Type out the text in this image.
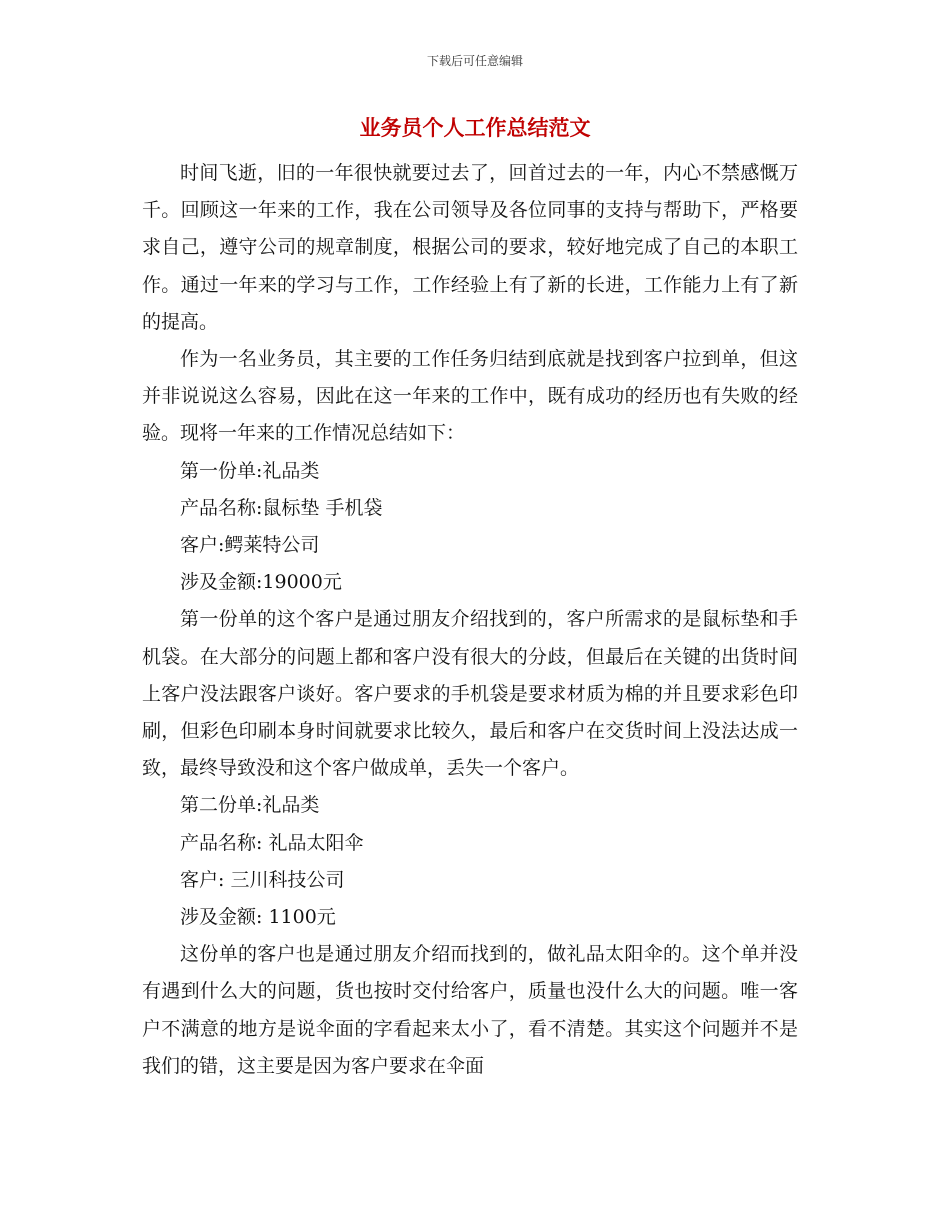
下载后可任意编辑
业务员个人工作总结范文

时间飞逝，旧的一年很快就要过去了，回首过去的一年，内心不禁感慨万千。回顾这一年来的工作，我在公司领导及各位同事的支持与帮助下，严格要求自己，遵守公司的规章制度，根据公司的要求，较好地完成了自己的本职工作。通过一年来的学习与工作，工作经验上有了新的长进，工作能力上有了新的提高。

作为一名业务员，其主要的工作任务归结到底就是找到客户拉到单，但这并非说说这么容易，因此在这一年来的工作中，既有成功的经历也有失败的经验。现将一年来的工作情况总结如下：

第一份单:礼品类

产品名称:鼠标垫 手机袋

客户:鳄莱特公司

涉及金额:19000元

第一份单的这个客户是通过朋友介绍找到的，客户所需求的是鼠标垫和手机袋。在大部分的问题上都和客户没有很大的分歧，但最后在关键的出货时间上客户没法跟客户谈好。客户要求的手机袋是要求材质为棉的并且要求彩色印刷，但彩色印刷本身时间就要求比较久，最后和客户在交货时间上没法达成一致，最终导致没和这个客户做成单，丢失一个客户。

第二份单:礼品类

产品名称: 礼品太阳伞

客户: 三川科技公司

涉及金额: 1100元

这份单的客户也是通过朋友介绍而找到的，做礼品太阳伞的。这个单并没有遇到什么大的问题，货也按时交付给客户，质量也没什么大的问题。唯一客户不满意的地方是说伞面的字看起来太小了，看不清楚。其实这个问题并不是我们的错，这主要是因为客户要求在伞面
